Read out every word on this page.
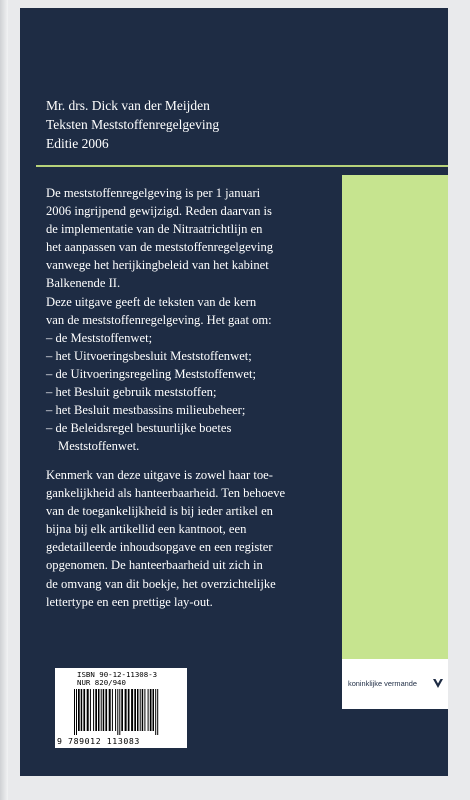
Mr. drs. Dick van der Meijden
Teksten Meststoffenregelgeving
Editie 2006
De meststoffenregelgeving is per 1 januari
2006 ingrijpend gewijzigd. Reden daarvan is
de implementatie van de Nitraatrichtlijn en
het aanpassen van de meststoffenregelgeving
vanwege het herijkingbeleid van het kabinet
Balkenende II.
Deze uitgave geeft de teksten van de kern
van de meststoffenregelgeving. Het gaat om:
– de Meststoffenwet;
– het Uitvoeringsbesluit Meststoffenwet;
– de Uitvoeringsregeling Meststoffenwet;
– het Besluit gebruik meststoffen;
– het Besluit mestbassins milieubeheer;
– de Beleidsregel bestuurlijke boetes
Meststoffenwet.
Kenmerk van deze uitgave is zowel haar toe-
gankelijkheid als hanteerbaarheid. Ten behoeve
van de toegankelijkheid is bij ieder artikel en
bijna bij elk artikellid een kantnoot, een
gedetailleerde inhoudsopgave en een register
opgenomen. De hanteerbaarheid uit zich in
de omvang van dit boekje, het overzichtelijke
lettertype en een prettige lay-out.
ISBN 90-12-11308-3
NUR 820/940
9 789012 113083
koninklijke vermande
